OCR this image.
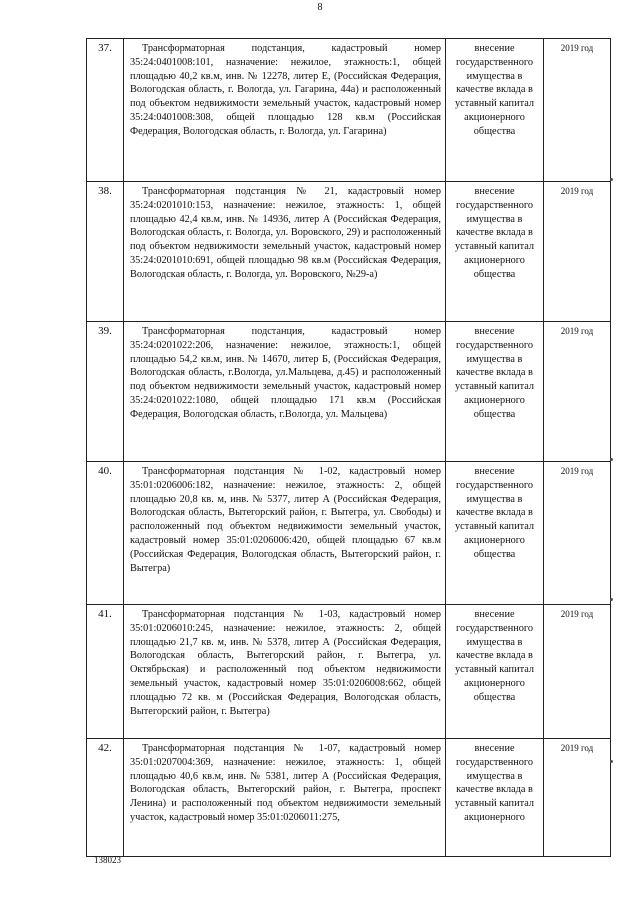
8
37.	Трансформаторная подстанция, кадастровый номер 35:24:0401008:101, назначение: нежилое, этажность:1, общей площадью 40,2 кв.м, инв. № 12278, литер Е, (Российская Федерация, Вологодская область, г. Вологда, ул. Гагарина, 44а) и расположенный под объектом недвижимости земельный участок, кадастровый номер 35:24:0401008:308, общей площадью 128 кв.м (Российская Федерация, Вологодская область, г. Вологда, ул. Гагарина)	внесение государственного имущества в качестве вклада в уставный капитал акционерного общества	2019 год
38.	Трансформаторная подстанция № 21, кадастровый номер 35:24:0201010:153, назначение: нежилое, этажность: 1, общей площадью 42,4 кв.м, инв. № 14936, литер А (Российская Федерация, Вологодская область, г. Вологда, ул. Воровского, 29) и расположенный под объектом недвижимости земельный участок, кадастровый номер 35:24:0201010:691, общей площадью 98 кв.м (Российская Федерация, Вологодская область, г. Вологда, ул. Воровского, №29-а)	внесение государственного имущества в качестве вклада в уставный капитал акционерного общества	2019 год
39.	Трансформаторная подстанция, кадастровый номер 35:24:0201022:206, назначение: нежилое, этажность:1, общей площадью 54,2 кв.м, инв. № 14670, литер Б, (Российская Федерация, Вологодская область, г.Вологда, ул.Мальцева, д.45) и расположенный под объектом недвижимости земельный участок, кадастровый номер 35:24:0201022:1080, общей площадью 171 кв.м (Российская Федерация, Вологодская область, г.Вологда, ул. Мальцева)	внесение государственного имущества в качестве вклада в уставный капитал акционерного общества	2019 год
40.	Трансформаторная подстанция № 1-02, кадастровый номер 35:01:0206006:182, назначение: нежилое, этажность: 2, общей площадью 20,8 кв. м, инв. № 5377, литер А (Российская Федерация, Вологодская область, Вытегорский район, г. Вытегра, ул. Свободы) и расположенный под объектом недвижимости земельный участок, кадастровый номер 35:01:0206006:420, общей площадью 67 кв.м (Российская Федерация, Вологодская область, Вытегорский район, г. Вытегра)	внесение государственного имущества в качестве вклада в уставный капитал акционерного общества	2019 год
41.	Трансформаторная подстанция № 1-03, кадастровый номер 35:01:0206010:245, назначение: нежилое, этажность: 2, общей площадью 21,7 кв. м, инв. № 5378, литер А (Российская Федерация, Вологодская область, Вытегорский район, г. Вытегра, ул. Октябрьская) и расположенный под объектом недвижимости земельный участок, кадастровый номер 35:01:0206008:662, общей площадью 72 кв. м (Российская Федерация, Вологодская область, Вытегорский район, г. Вытегра)	внесение государственного имущества в качестве вклада в уставный капитал акционерного общества	2019 год
42.	Трансформаторная подстанция № 1-07, кадастровый номер 35:01:0207004:369, назначение: нежилое, этажность: 1, общей площадью 40,6 кв.м, инв. № 5381, литер А (Российская Федерация, Вологодская область, Вытегорский район, г. Вытегра, проспект Ленина) и расположенный под объектом недвижимости земельный участок, кадастровый номер 35:01:0206011:275,	внесение государственного имущества в качестве вклада в уставный капитал акционерного	2019 год
138023
